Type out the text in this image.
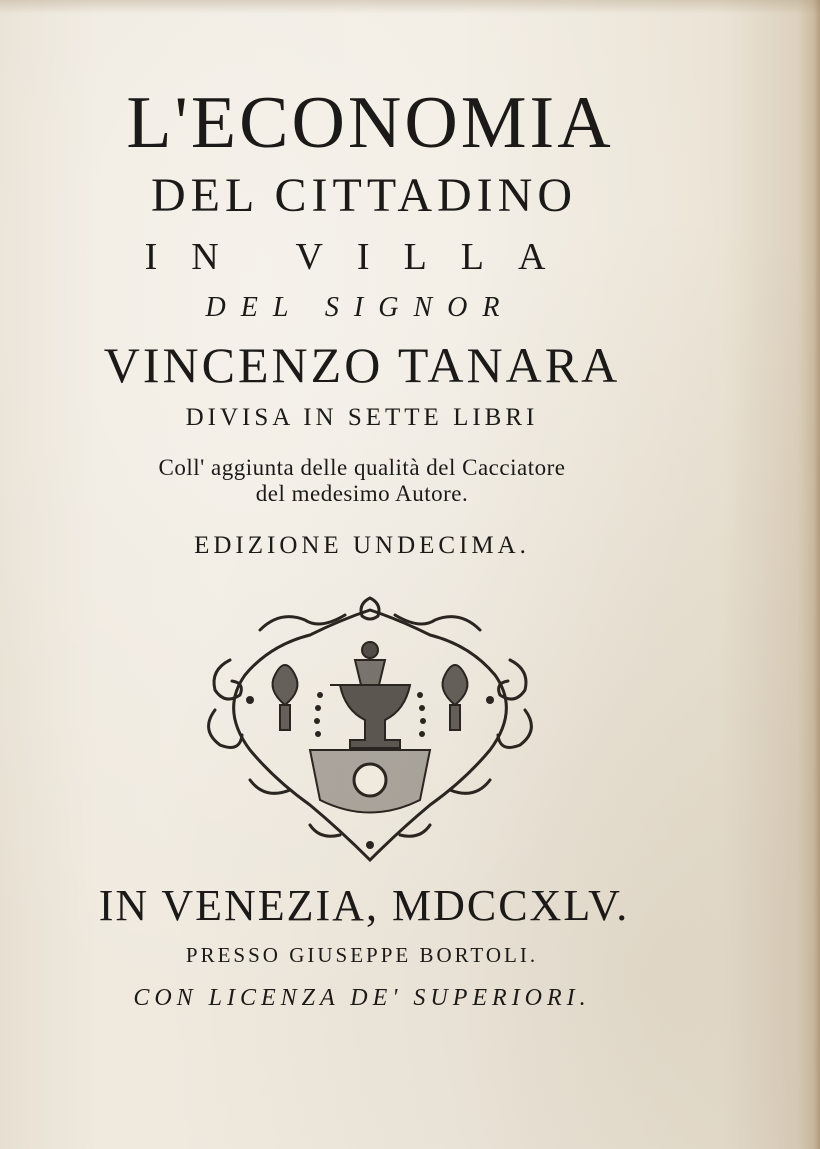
L'ECONOMIA
DEL CITTADINO
IN VILLA
DEL SIGNOR
VINCENZO TANARA
DIVISA IN SETTE LIBRI
Coll' aggiunta delle qualità del Cacciatore
del medesimo Autore.
EDIZIONE UNDECIMA.
IN VENEZIA, MDCCXLV.
PRESSO GIUSEPPE BORTOLI.
CON LICENZA DE' SUPERIORI.
